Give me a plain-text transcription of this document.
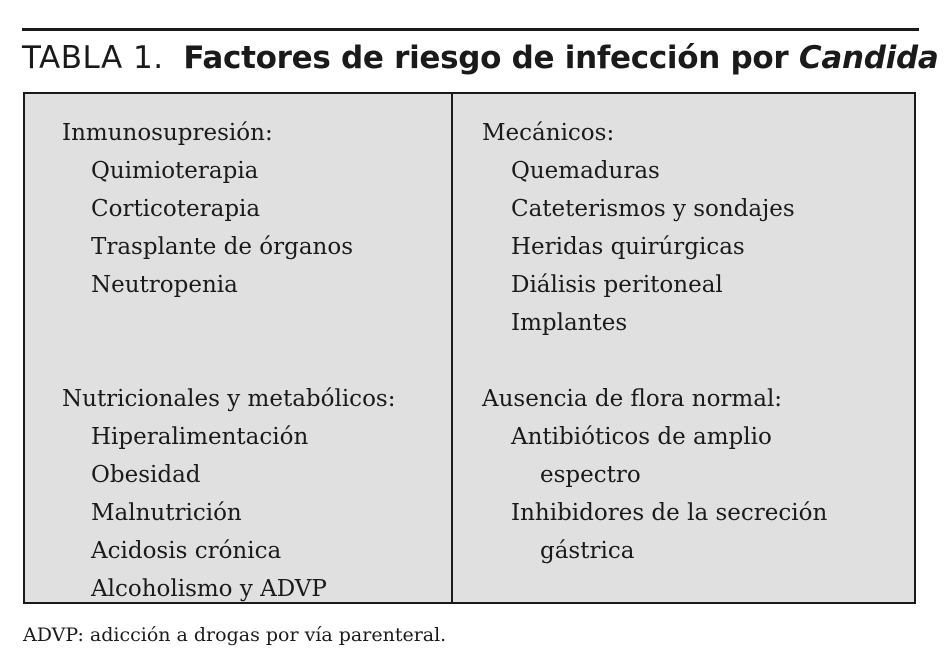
TABLA 1. Factores de riesgo de infección por Candida
Inmunosupresión:
Quimioterapia
Corticoterapia
Trasplante de órganos
Neutropenia

Nutricionales y metabólicos:
Hiperalimentación
Obesidad
Malnutrición
Acidosis crónica
Alcoholismo y ADVP
Mecánicos:
Quemaduras
Cateterismos y sondajes
Heridas quirúrgicas
Diálisis peritoneal
Implantes
Ausencia de flora normal:
Antibióticos de amplio
espectro
Inhibidores de la secreción
gástrica
ADVP: adicción a drogas por vía parenteral.
